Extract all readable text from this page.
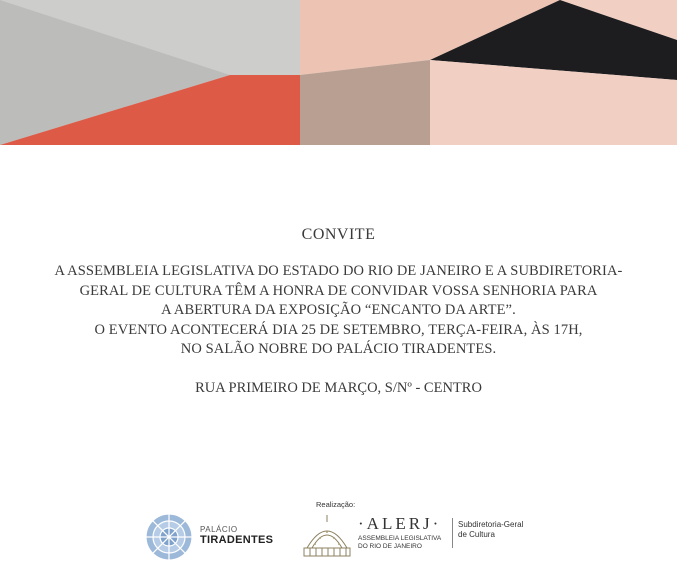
CONVITE
A ASSEMBLEIA LEGISLATIVA DO ESTADO DO RIO DE JANEIRO E A SUBDIRETORIA-
GERAL DE CULTURA TÊM A HONRA DE CONVIDAR VOSSA SENHORIA PARA
A ABERTURA DA EXPOSIÇÃO “ENCANTO DA ARTE”.
O EVENTO ACONTECERÁ DIA 25 DE SETEMBRO, TERÇA-FEIRA, ÀS 17H,
NO SALÃO NOBRE DO PALÁCIO TIRADENTES.
RUA PRIMEIRO DE MARÇO, S/Nº - CENTRO
PALÁCIO
TIRADENTES
Realização:
·ALERJ·
ASSEMBLEIA LEGISLATIVA
DO RIO DE JANEIRO
Subdiretoria-Geral
de Cultura
